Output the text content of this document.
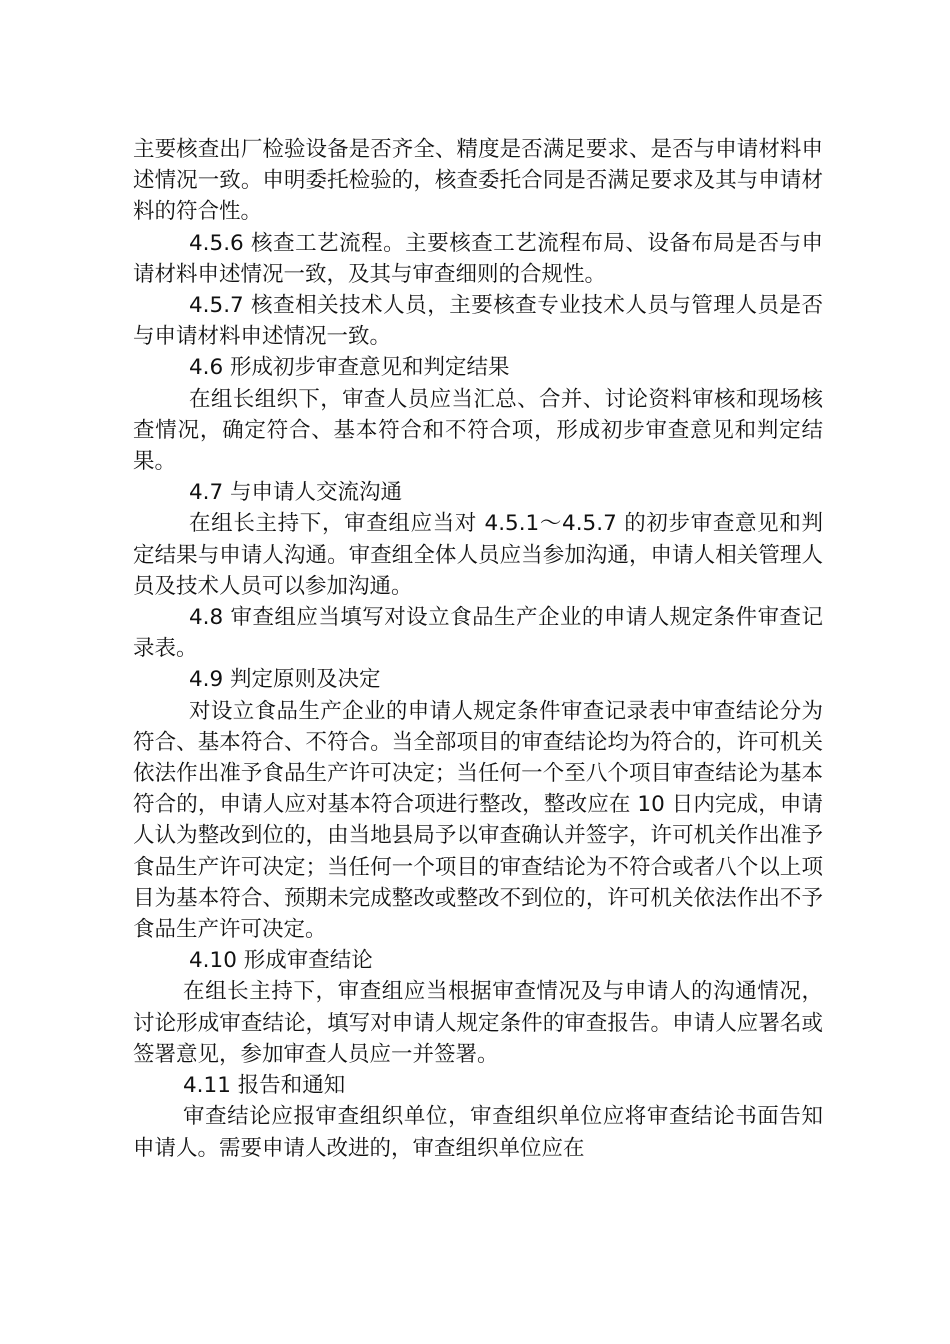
主要核查出厂检验设备是否齐全、精度是否满足要求、是否与申请材料申述情况一致。申明委托检验的，核查委托合同是否满足要求及其与申请材料的符合性。

4.5.6 核查工艺流程。主要核查工艺流程布局、设备布局是否与申请材料申述情况一致，及其与审查细则的合规性。

4.5.7 核查相关技术人员，主要核查专业技术人员与管理人员是否与申请材料申述情况一致。

4.6 形成初步审查意见和判定结果

在组长组织下，审查人员应当汇总、合并、讨论资料审核和现场核查情况，确定符合、基本符合和不符合项，形成初步审查意见和判定结果。

4.7 与申请人交流沟通

在组长主持下，审查组应当对 4.5.1～4.5.7 的初步审查意见和判定结果与申请人沟通。审查组全体人员应当参加沟通，申请人相关管理人员及技术人员可以参加沟通。

4.8 审查组应当填写对设立食品生产企业的申请人规定条件审查记录表。

4.9 判定原则及决定

对设立食品生产企业的申请人规定条件审查记录表中审查结论分为符合、基本符合、不符合。当全部项目的审查结论均为符合的，许可机关依法作出准予食品生产许可决定；当任何一个至八个项目审查结论为基本符合的，申请人应对基本符合项进行整改，整改应在 10 日内完成，申请人认为整改到位的，由当地县局予以审查确认并签字，许可机关作出准予食品生产许可决定；当任何一个项目的审查结论为不符合或者八个以上项目为基本符合、预期未完成整改或整改不到位的，许可机关依法作出不予食品生产许可决定。

4.10 形成审查结论

在组长主持下，审查组应当根据审查情况及与申请人的沟通情况，讨论形成审查结论，填写对申请人规定条件的审查报告。申请人应署名或签署意见，参加审查人员应一并签署。

4.11 报告和通知

审查结论应报审查组织单位，审查组织单位应将审查结论书面告知申请人。需要申请人改进的，审查组织单位应在
